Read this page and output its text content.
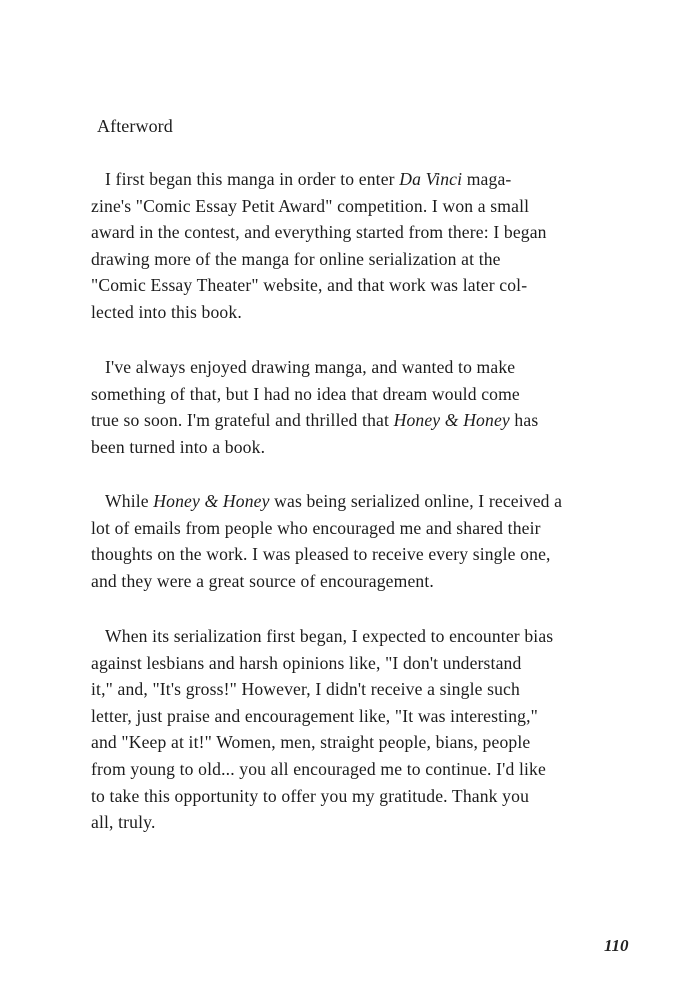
Afterword
I first began this manga in order to enter Da Vinci maga-
zine's "Comic Essay Petit Award" competition. I won a small
award in the contest, and everything started from there: I began
drawing more of the manga for online serialization at the
"Comic Essay Theater" website, and that work was later col-
lected into this book.
I've always enjoyed drawing manga, and wanted to make
something of that, but I had no idea that dream would come
true so soon. I'm grateful and thrilled that Honey & Honey has
been turned into a book.
While Honey & Honey was being serialized online, I received a
lot of emails from people who encouraged me and shared their
thoughts on the work. I was pleased to receive every single one,
and they were a great source of encouragement.
When its serialization first began, I expected to encounter bias
against lesbians and harsh opinions like, "I don't understand
it," and, "It's gross!" However, I didn't receive a single such
letter, just praise and encouragement like, "It was interesting,"
and "Keep at it!" Women, men, straight people, bians, people
from young to old... you all encouraged me to continue. I'd like
to take this opportunity to offer you my gratitude. Thank you
all, truly.
110
